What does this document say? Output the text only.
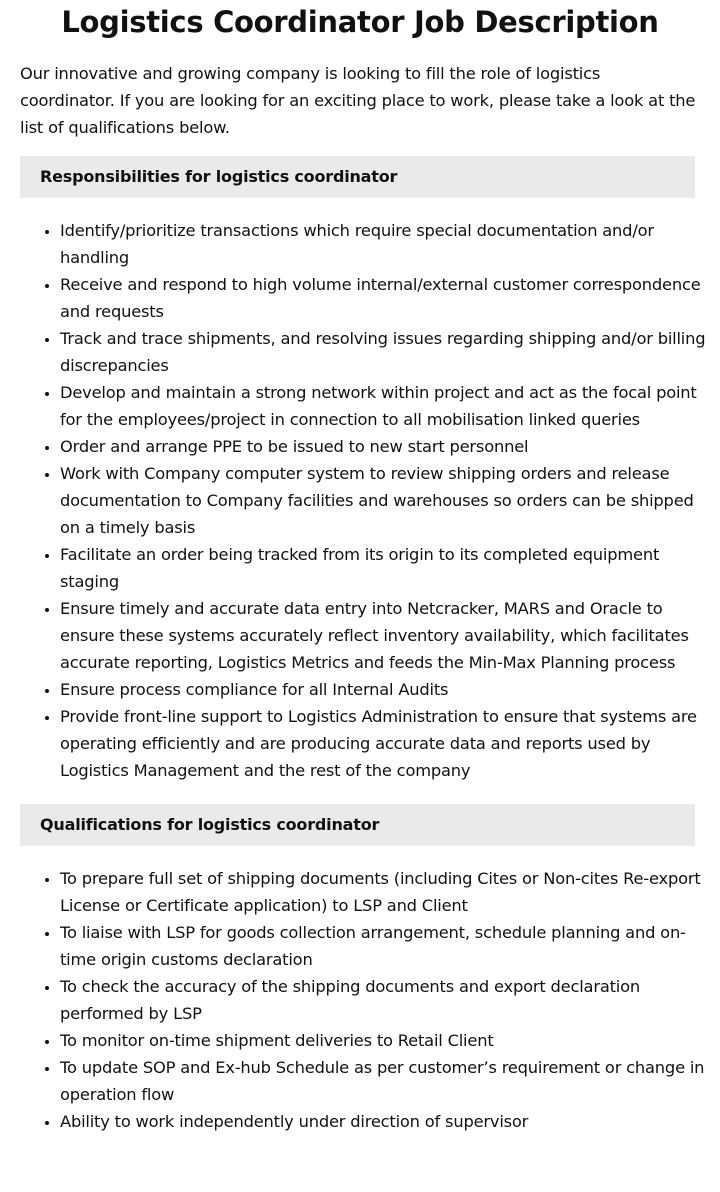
Logistics Coordinator Job Description

Our innovative and growing company is looking to fill the role of logistics coordinator. If you are looking for an exciting place to work, please take a look at the list of qualifications below.

Responsibilities for logistics coordinator
• Identify/prioritize transactions which require special documentation and/or handling
• Receive and respond to high volume internal/external customer correspondence and requests
• Track and trace shipments, and resolving issues regarding shipping and/or billing discrepancies
• Develop and maintain a strong network within project and act as the focal point for the employees/project in connection to all mobilisation linked queries
• Order and arrange PPE to be issued to new start personnel
• Work with Company computer system to review shipping orders and release documentation to Company facilities and warehouses so orders can be shipped on a timely basis
• Facilitate an order being tracked from its origin to its completed equipment staging
• Ensure timely and accurate data entry into Netcracker, MARS and Oracle to ensure these systems accurately reflect inventory availability, which facilitates accurate reporting, Logistics Metrics and feeds the Min-Max Planning process
• Ensure process compliance for all Internal Audits
• Provide front-line support to Logistics Administration to ensure that systems are operating efficiently and are producing accurate data and reports used by Logistics Management and the rest of the company
Qualifications for logistics coordinator
• To prepare full set of shipping documents (including Cites or Non-cites Re-export License or Certificate application) to LSP and Client
• To liaise with LSP for goods collection arrangement, schedule planning and on-time origin customs declaration
• To check the accuracy of the shipping documents and export declaration performed by LSP
• To monitor on-time shipment deliveries to Retail Client
• To update SOP and Ex-hub Schedule as per customer’s requirement or change in operation flow
• Ability to work independently under direction of supervisor
